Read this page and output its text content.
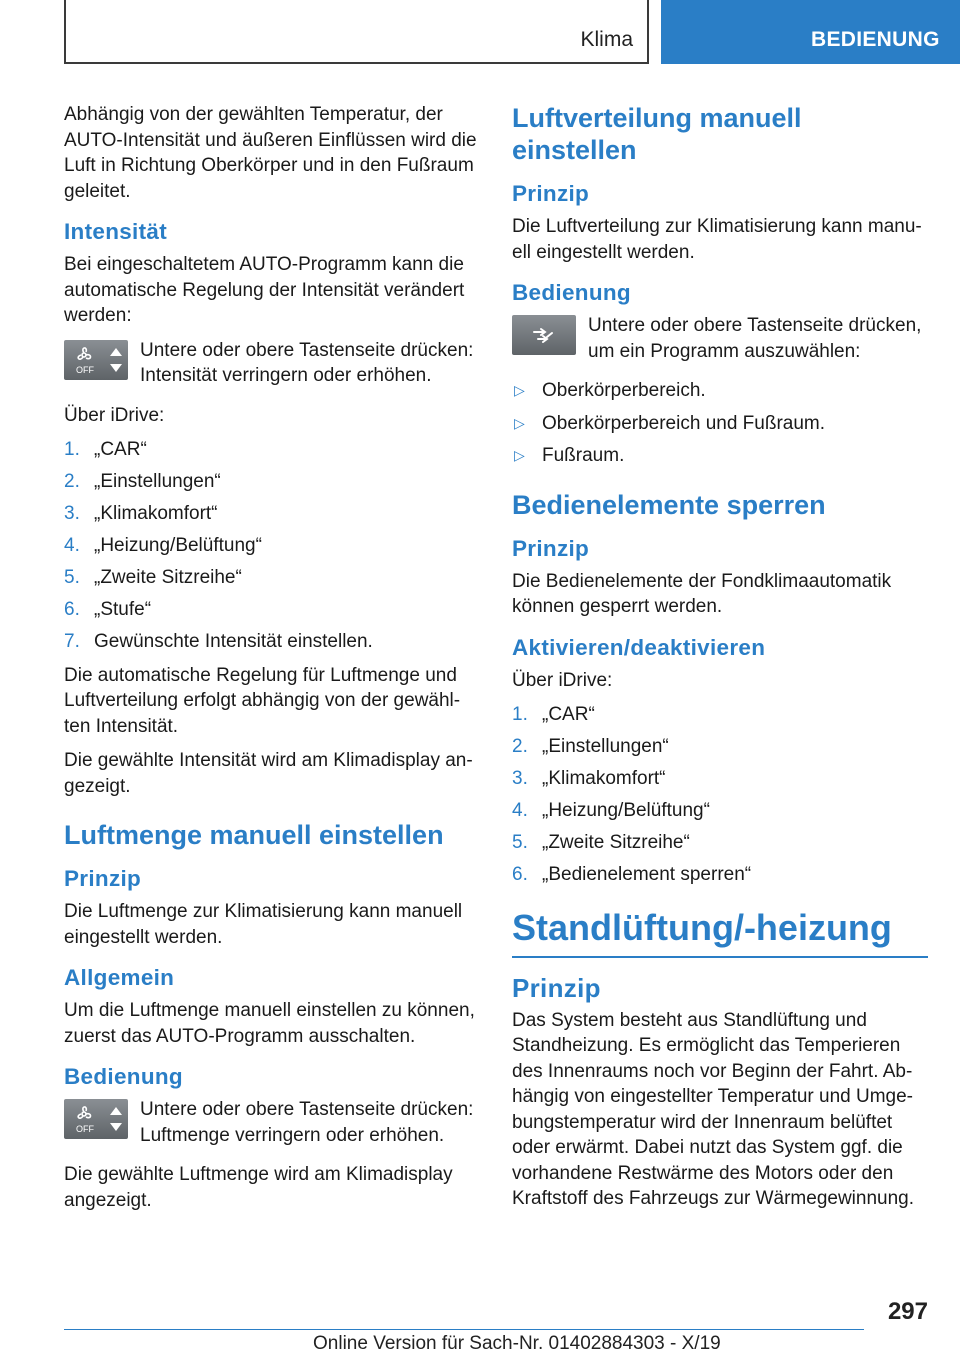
Klima	BEDIENUNG

Abhängig von der gewählten Temperatur, der AUTO-Intensität und äußeren Einflüssen wird die Luft in Richtung Oberkörper und in den Fußraum geleitet.

Intensität

Bei eingeschaltetem AUTO-Programm kann die automatische Regelung der Intensität verändert werden:

OFF

Untere oder obere Tastenseite drücken: Intensität verringern oder erhöhen.

Über iDrive:

1. „CAR“
2. „Einstellungen“
3. „Klimakomfort“
4. „Heizung/Belüftung“
5. „Zweite Sitzreihe“
6. „Stufe“
7. Gewünschte Intensität einstellen.

Die automatische Regelung für Luftmenge und Luftverteilung erfolgt abhängig von der gewähl‐ ten Intensität.

Die gewählte Intensität wird am Klimadisplay an‐ gezeigt.

Luftmenge manuell einstellen
Prinzip

Die Luftmenge zur Klimatisierung kann manuell eingestellt werden.

Allgemein

Um die Luftmenge manuell einstellen zu können, zuerst das AUTO-Programm ausschalten.

Bedienung
OFF

Untere oder obere Tastenseite drücken: Luftmenge verringern oder erhöhen.

Die gewählte Luftmenge wird am Klimadisplay angezeigt.

Luftverteilung manuell einstellen
Prinzip

Die Luftverteilung zur Klimatisierung kann manu‐ ell eingestellt werden.

Bedienung

Untere oder obere Tastenseite drücken, um ein Programm auszuwählen:

▷ Oberkörperbereich.
▷ Oberkörperbereich und Fußraum.
▷ Fußraum.
Bedienelemente sperren
Prinzip

Die Bedienelemente der Fondklimaautomatik können gesperrt werden.

Aktivieren/deaktivieren

Über iDrive:

1. „CAR“
2. „Einstellungen“
3. „Klimakomfort“
4. „Heizung/Belüftung“
5. „Zweite Sitzreihe“
6. „Bedienelement sperren“
Standlüftung/-heizung
Prinzip

Das System besteht aus Standlüftung und Standheizung. Es ermöglicht das Temperieren des Innenraums noch vor Beginn der Fahrt. Ab‐ hängig von eingestellter Temperatur und Umge‐ bungstemperatur wird der Innenraum belüftet oder erwärmt. Dabei nutzt das System ggf. die vorhandene Restwärme des Motors oder den Kraftstoff des Fahrzeugs zur Wärmegewinnung.

297
Online Version für Sach-Nr. 01402884303 - X/19
